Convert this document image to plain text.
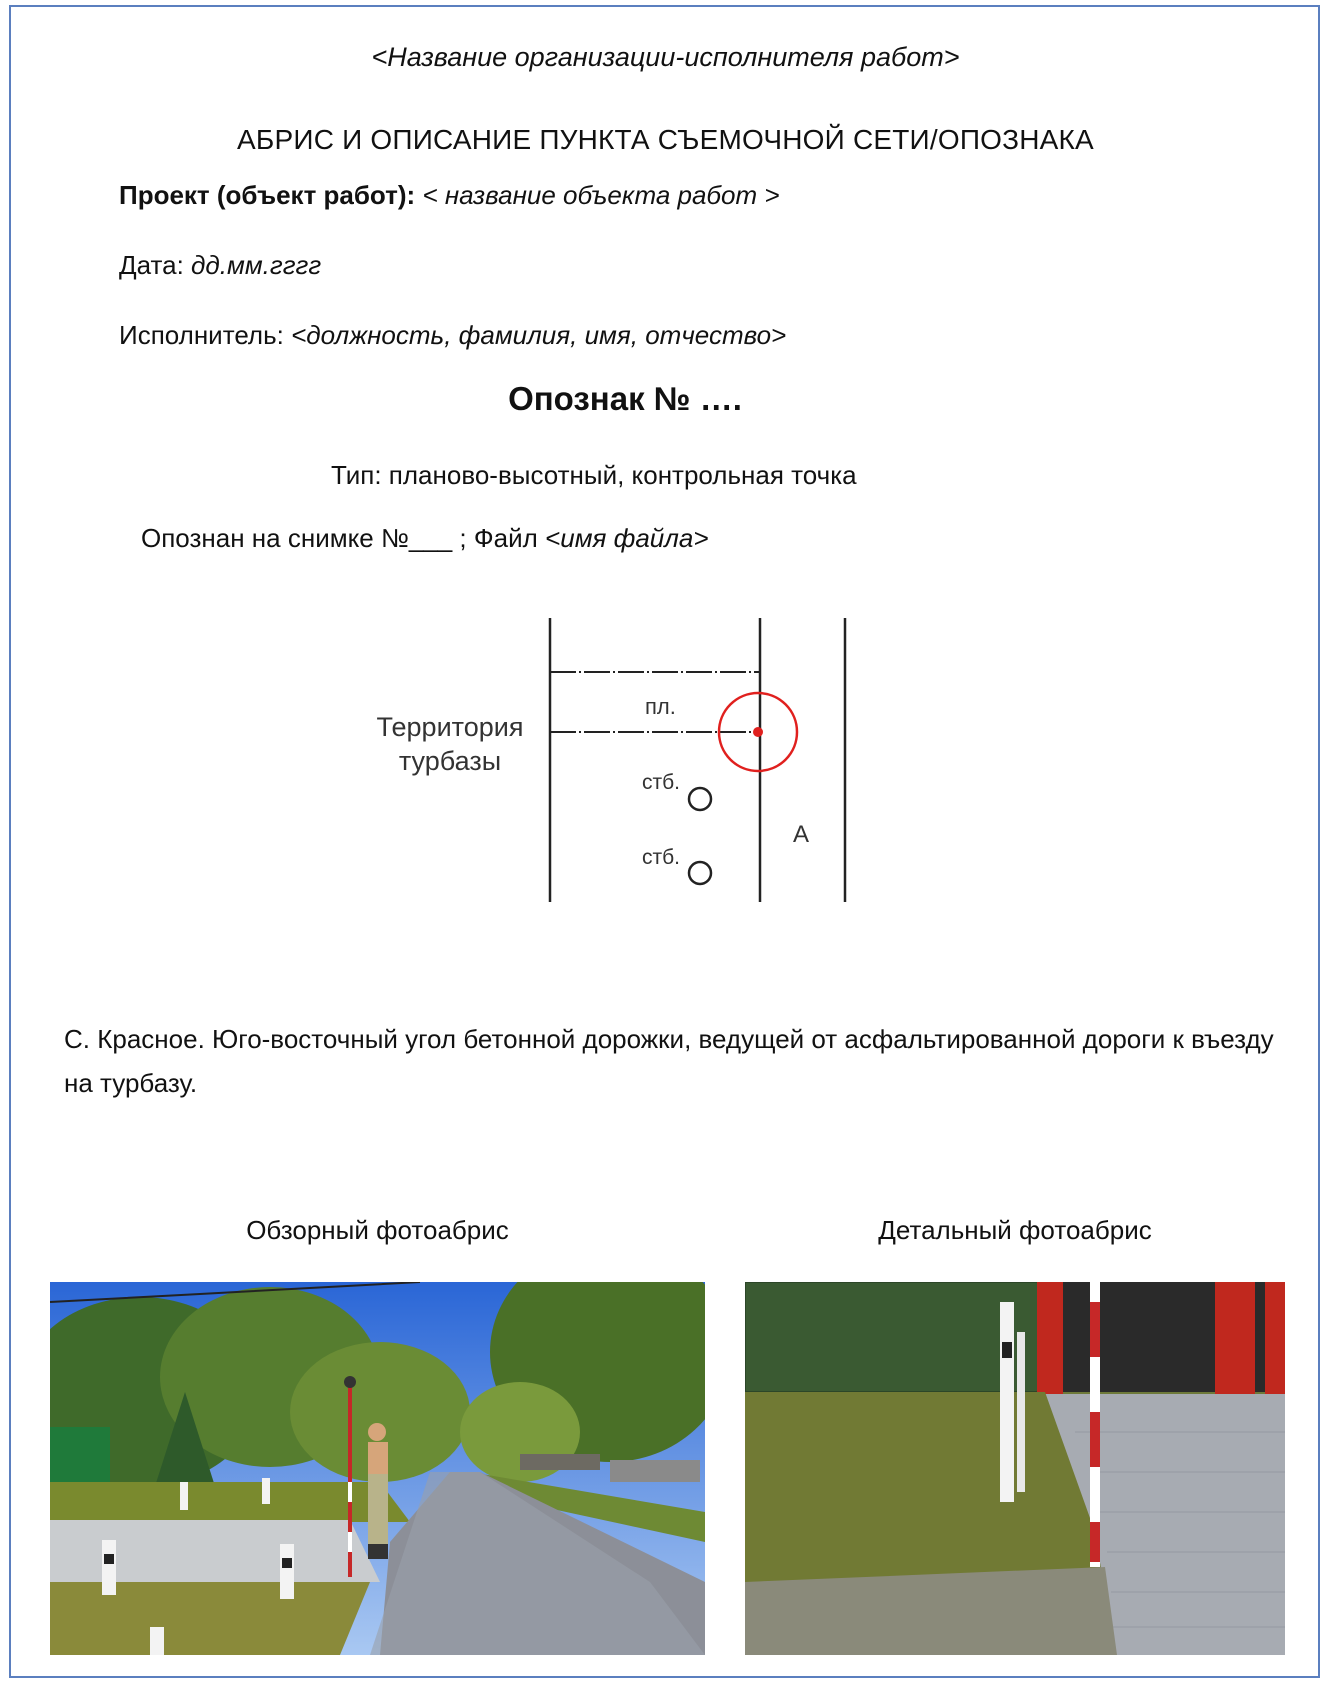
<Название организации-исполнителя работ>
АБРИС И ОПИСАНИЕ ПУНКТА СЪЕМОЧНОЙ СЕТИ/ОПОЗНАКА
Проект (объект работ): < название объекта работ >
Дата: дд.мм.гггг
Исполнитель: <должность, фамилия, имя, отчество>
Опознак № ….
Тип: планово-высотный, контрольная точка
Опознан на снимке №___ ; Файл <имя файла>
Территория
турбазы
пл.
стб.
стб.
А
С. Красное. Юго-восточный угол бетонной дорожки, ведущей от асфальтированной дороги к въезду на турбазу.
Обзорный фотоабрис	Детальный фотоабрис
